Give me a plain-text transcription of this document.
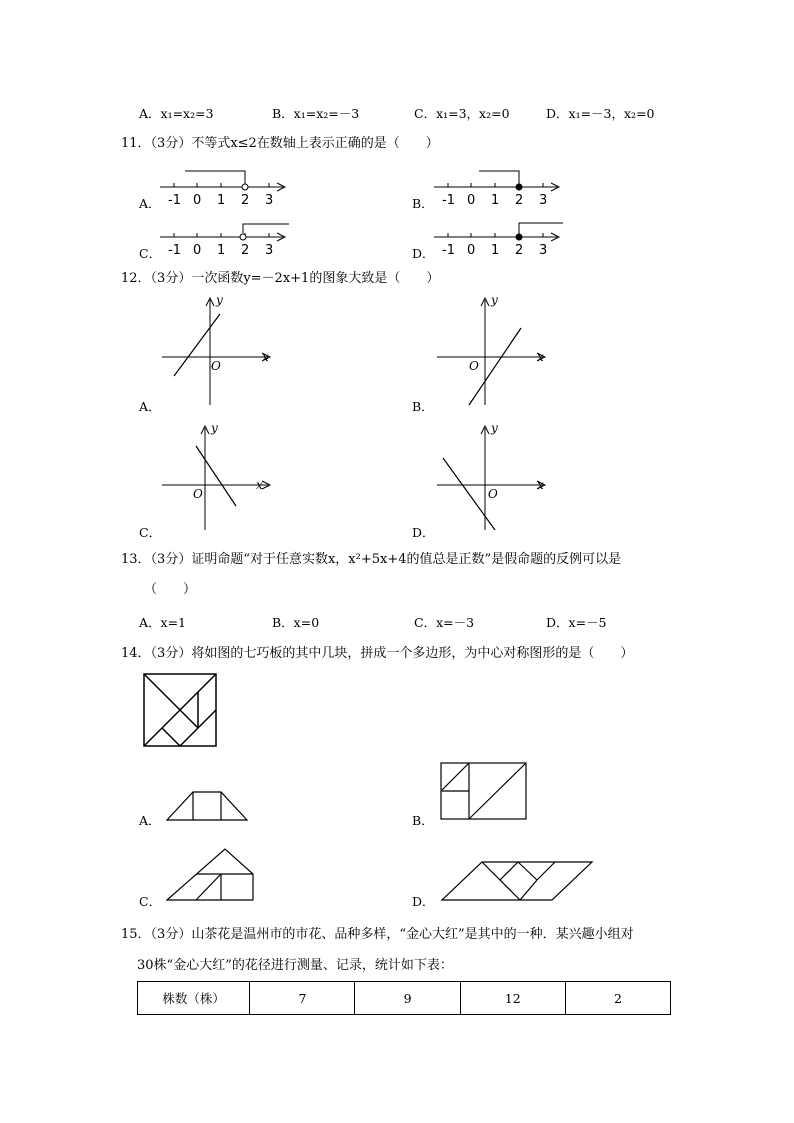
A．x₁=x₂=3	B．x₁=x₂=－3	C．x₁=3，x₂=0	D．x₁=－3，x₂=0
11．（3分）不等式x≤2在数轴上表示正确的是（　　）
A． -1 0 1 2 3	B． -1 0 1 2 3
C． -1 0 1 2 3	D． -1 0 1 2 3
12．（3分）一次函数y=－2x+1的图象大致是（　　）
A．
y
x
O
B．
y
x
O
C．
y
x
O
D．
y
x
O
13．（3分）证明命题“对于任意实数x，x²+5x+4的值总是正数”是假命题的反例可以是
（　　）
A．x=1	B．x=0	C．x=－3	D．x=－5
14．（3分）将如图的七巧板的其中几块，拼成一个多边形，为中心对称图形的是（　　）
A．	B．
C．	D．
15．（3分）山茶花是温州市的市花、品种多样，“金心大红”是其中的一种．某兴趣小组对
30株“金心大红”的花径进行测量、记录，统计如下表：
株数（株）	7	9	12	2
